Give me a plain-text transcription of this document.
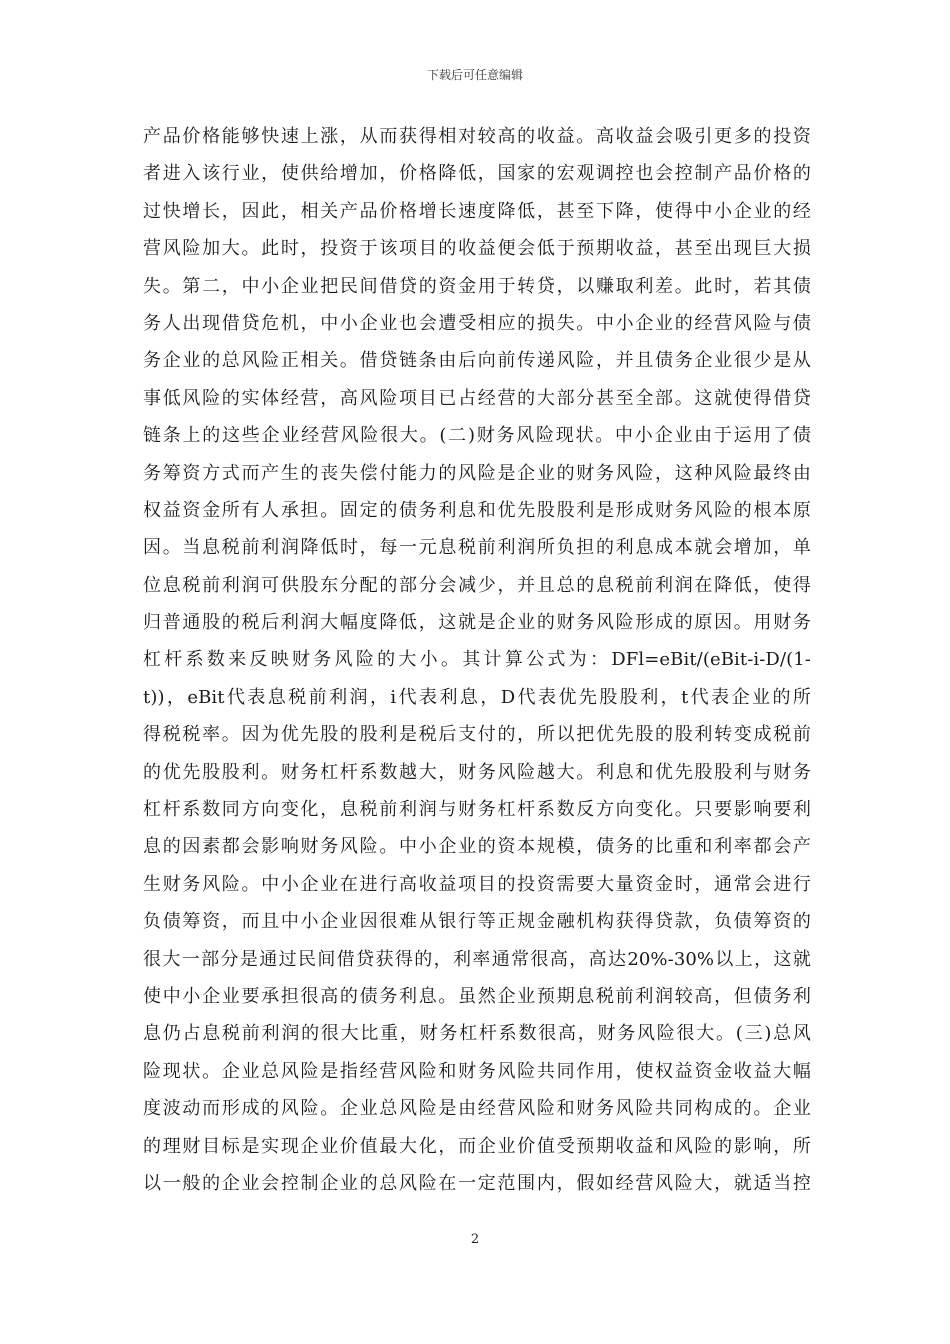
下载后可任意编辑
产品价格能够快速上涨，从而获得相对较高的收益。高收益会吸引更多的投资
者进入该行业，使供给增加，价格降低，国家的宏观调控也会控制产品价格的
过快增长，因此，相关产品价格增长速度降低，甚至下降，使得中小企业的经
营风险加大。此时，投资于该项目的收益便会低于预期收益，甚至出现巨大损
失。第二，中小企业把民间借贷的资金用于转贷，以赚取利差。此时，若其债
务人出现借贷危机，中小企业也会遭受相应的损失。中小企业的经营风险与债
务企业的总风险正相关。借贷链条由后向前传递风险，并且债务企业很少是从
事低风险的实体经营，高风险项目已占经营的大部分甚至全部。这就使得借贷
链条上的这些企业经营风险很大。(二)财务风险现状。中小企业由于运用了债
务筹资方式而产生的丧失偿付能力的风险是企业的财务风险，这种风险最终由
权益资金所有人承担。固定的债务利息和优先股股利是形成财务风险的根本原
因。当息税前利润降低时，每一元息税前利润所负担的利息成本就会增加，单
位息税前利润可供股东分配的部分会减少，并且总的息税前利润在降低，使得
归普通股的税后利润大幅度降低，这就是企业的财务风险形成的原因。用财务
杠杆系数来反映财务风险的大小。其计算公式为：DFl=eBit/(eBit-i-D/(1-
t))，eBit代表息税前利润，i代表利息，D代表优先股股利，t代表企业的所
得税税率。因为优先股的股利是税后支付的，所以把优先股的股利转变成税前
的优先股股利。财务杠杆系数越大，财务风险越大。利息和优先股股利与财务
杠杆系数同方向变化，息税前利润与财务杠杆系数反方向变化。只要影响要利
息的因素都会影响财务风险。中小企业的资本规模，债务的比重和利率都会产
生财务风险。中小企业在进行高收益项目的投资需要大量资金时，通常会进行
负债筹资，而且中小企业因很难从银行等正规金融机构获得贷款，负债筹资的
很大一部分是通过民间借贷获得的，利率通常很高，高达20%-30%以上，这就
使中小企业要承担很高的债务利息。虽然企业预期息税前利润较高，但债务利
息仍占息税前利润的很大比重，财务杠杆系数很高，财务风险很大。(三)总风
险现状。企业总风险是指经营风险和财务风险共同作用，使权益资金收益大幅
度波动而形成的风险。企业总风险是由经营风险和财务风险共同构成的。企业
的理财目标是实现企业价值最大化，而企业价值受预期收益和风险的影响，所
以一般的企业会控制企业的总风险在一定范围内，假如经营风险大，就适当控
2
